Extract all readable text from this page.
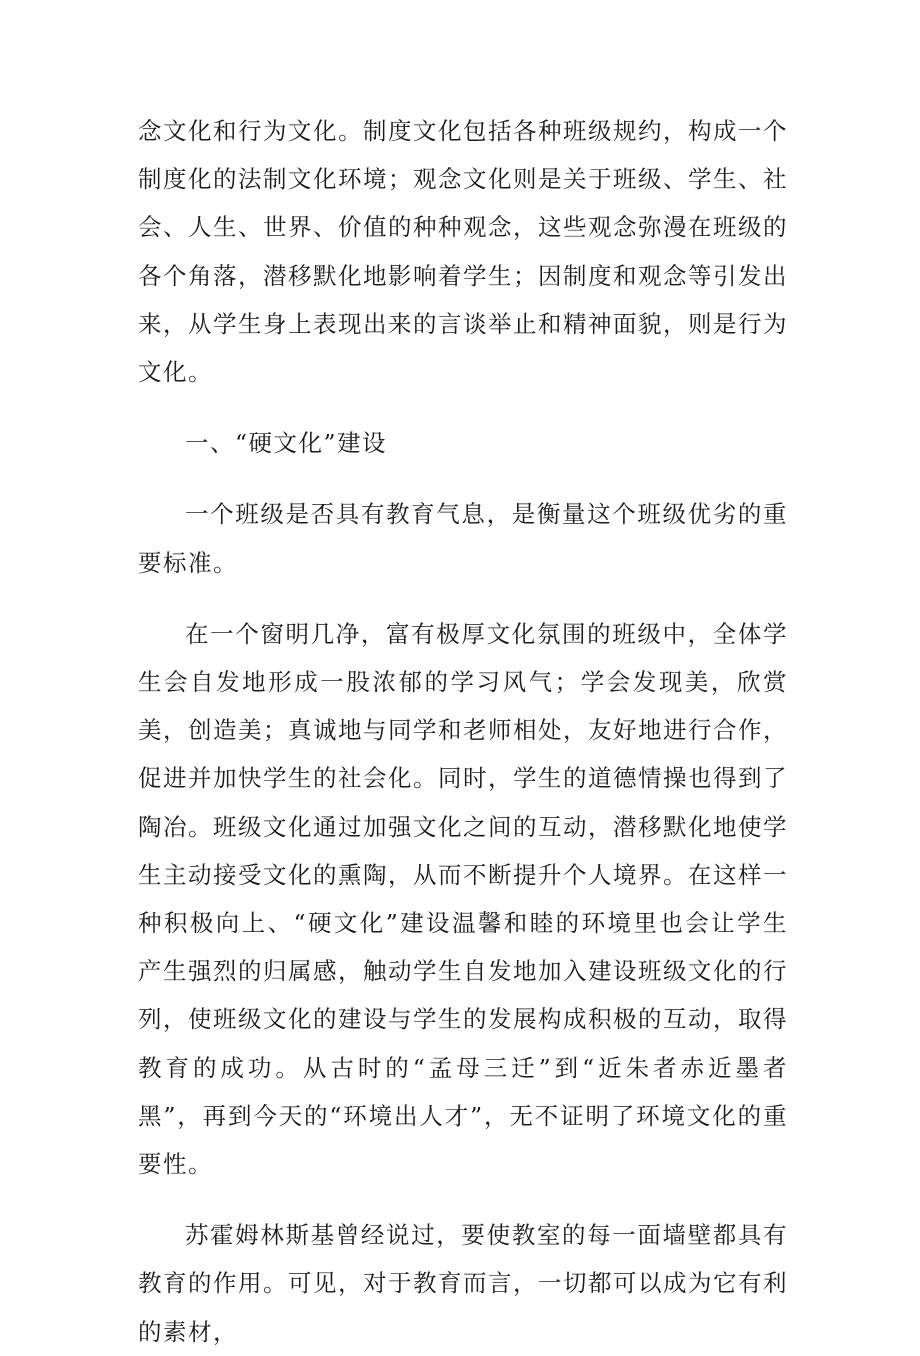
念文化和行为文化。制度文化包括各种班级规约，构成一个制度化的法制文化环境；观念文化则是关于班级、学生、社会、人生、世界、价值的种种观念，这些观念弥漫在班级的各个角落，潜移默化地影响着学生；因制度和观念等引发出来，从学生身上表现出来的言谈举止和精神面貌，则是行为文化。

一、“硬文化”建设

一个班级是否具有教育气息，是衡量这个班级优劣的重要标准。

在一个窗明几净，富有极厚文化氛围的班级中，全体学生会自发地形成一股浓郁的学习风气；学会发现美，欣赏美，创造美；真诚地与同学和老师相处，友好地进行合作，促进并加快学生的社会化。同时，学生的道德情操也得到了陶冶。班级文化通过加强文化之间的互动，潜移默化地使学生主动接受文化的熏陶，从而不断提升个人境界。在这样一种积极向上、“硬文化”建设温馨和睦的环境里也会让学生产生强烈的归属感，触动学生自发地加入建设班级文化的行列，使班级文化的建设与学生的发展构成积极的互动，取得教育的成功。从古时的“孟母三迁”到“近朱者赤近墨者黑”，再到今天的“环境出人才”，无不证明了环境文化的重要性。

苏霍姆林斯基曾经说过，要使教室的每一面墙壁都具有教育的作用。可见，对于教育而言，一切都可以成为它有利的素材，
